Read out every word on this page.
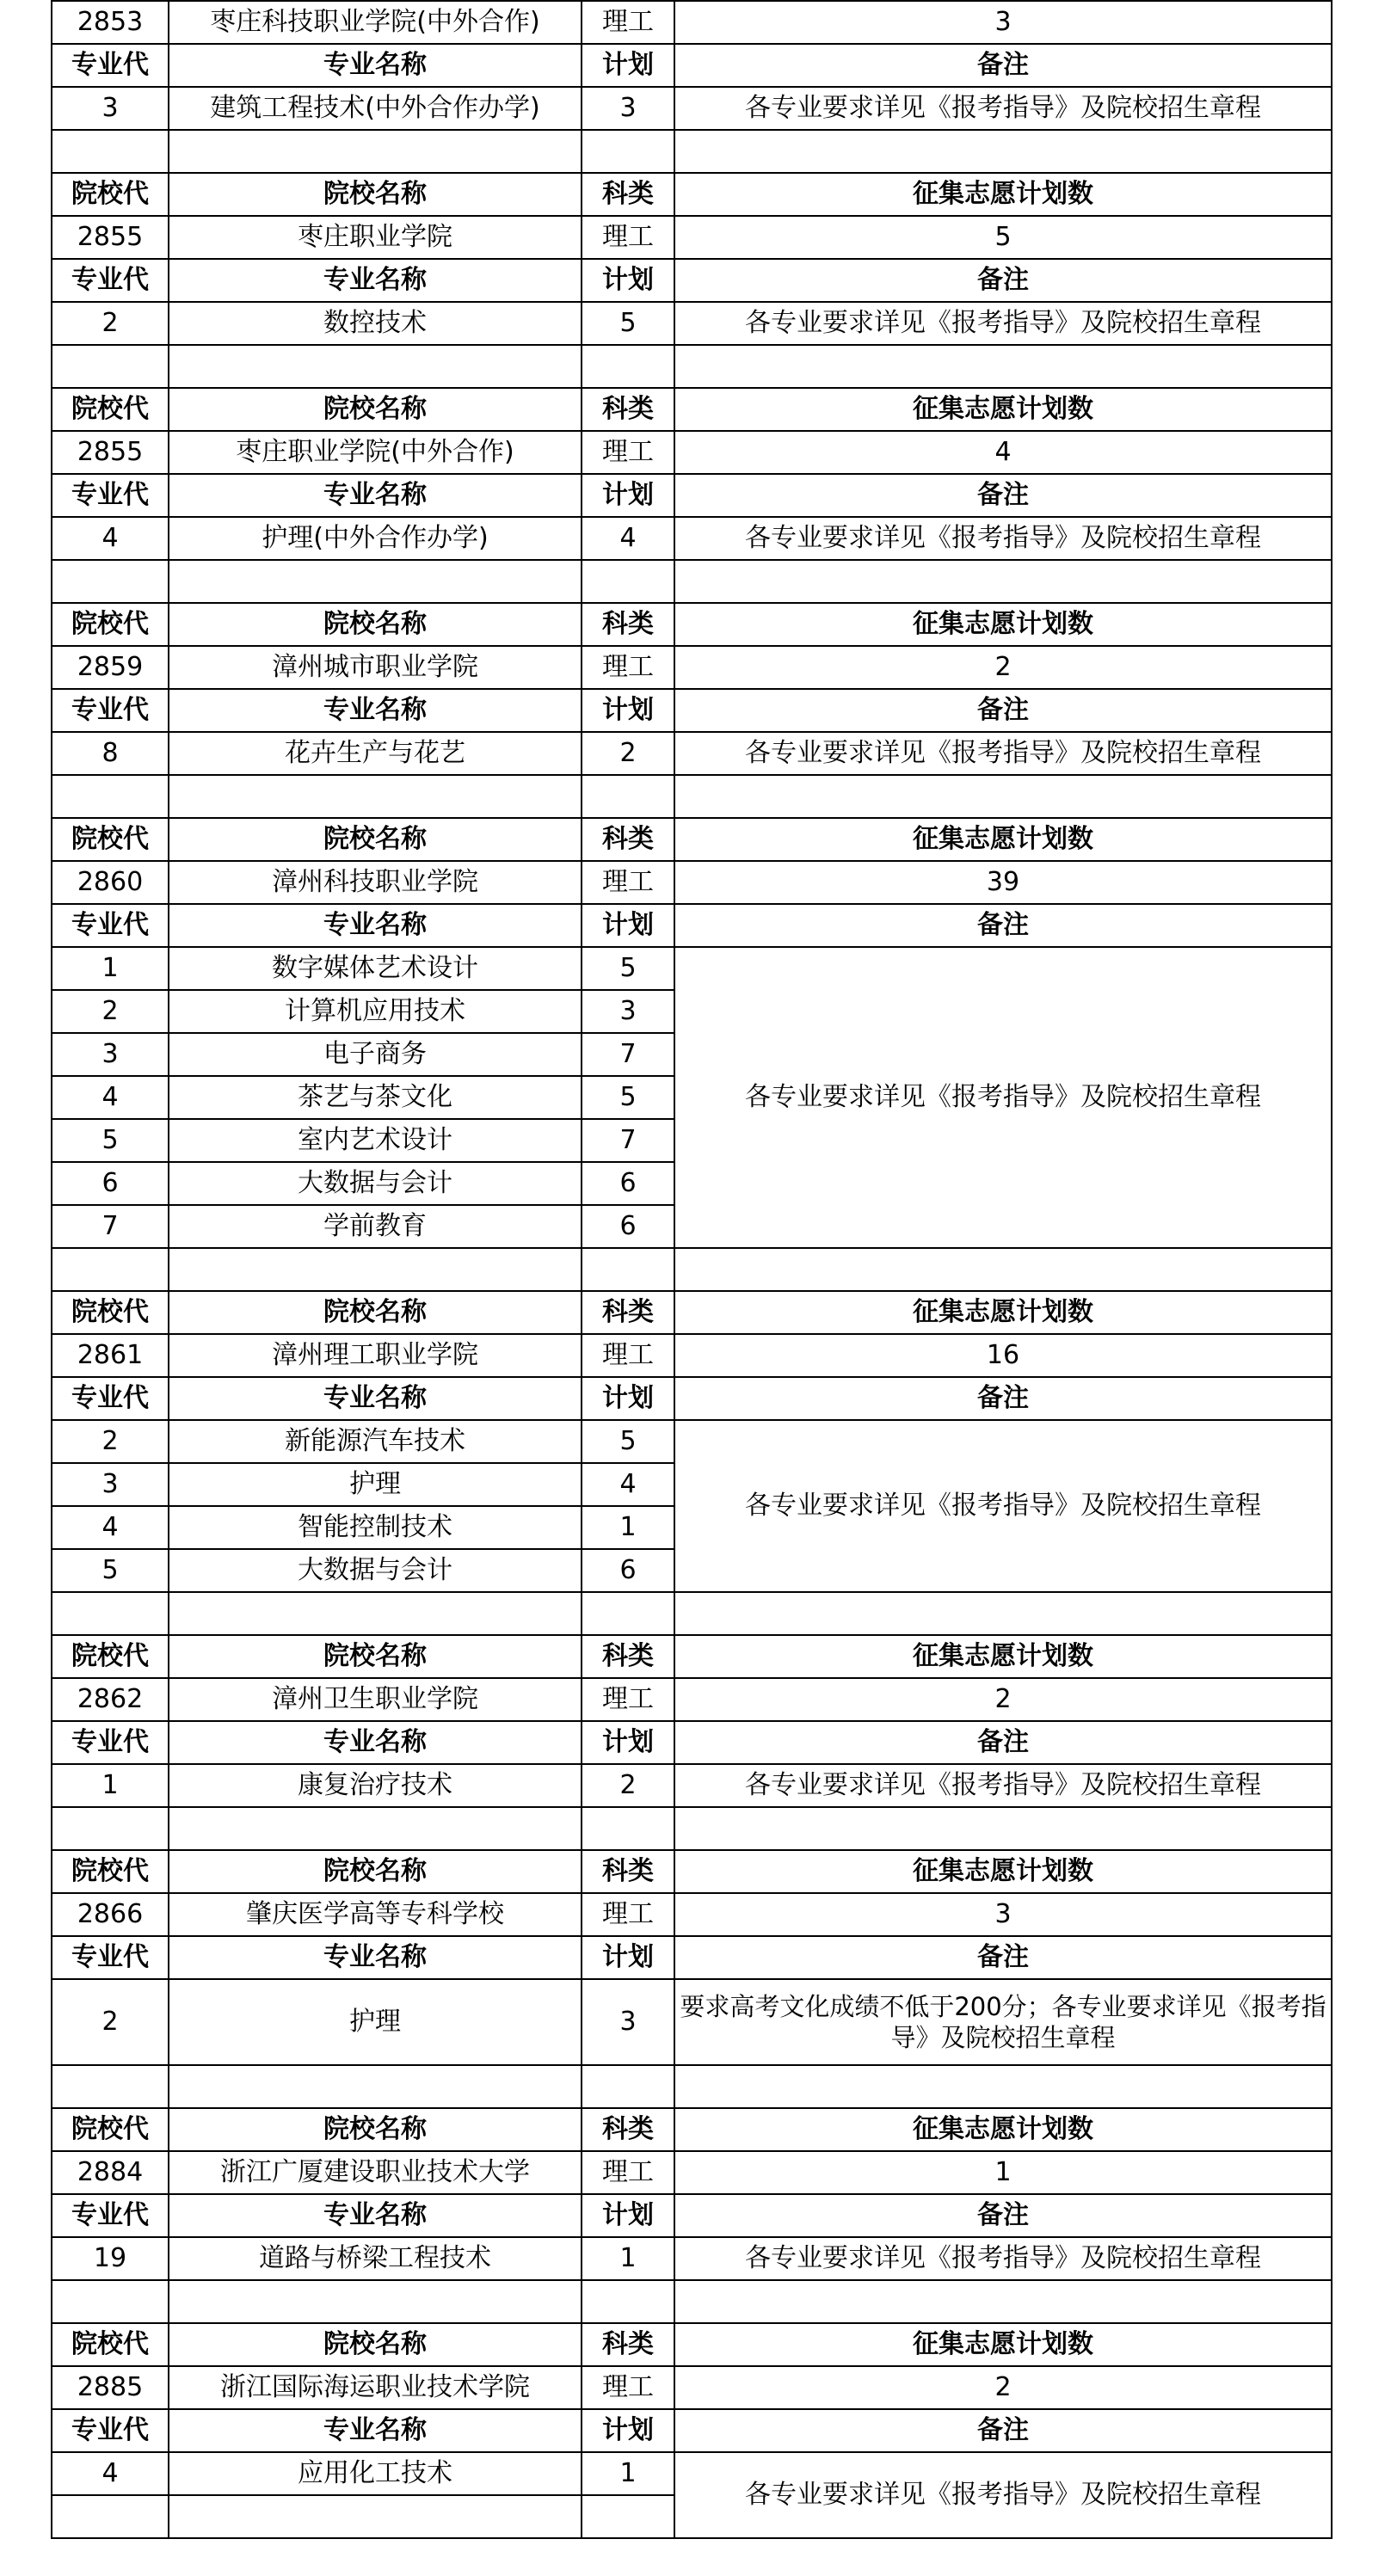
2853	枣庄科技职业学院(中外合作)	理工	3
专业代	专业名称	计划	备注
3	建筑工程技术(中外合作办学)	3	各专业要求详见《报考指导》及院校招生章程

院校代	院校名称	科类	征集志愿计划数
2855	枣庄职业学院	理工	5
专业代	专业名称	计划	备注
2	数控技术	5	各专业要求详见《报考指导》及院校招生章程

院校代	院校名称	科类	征集志愿计划数
2855	枣庄职业学院(中外合作)	理工	4
专业代	专业名称	计划	备注
4	护理(中外合作办学)	4	各专业要求详见《报考指导》及院校招生章程

院校代	院校名称	科类	征集志愿计划数
2859	漳州城市职业学院	理工	2
专业代	专业名称	计划	备注
8	花卉生产与花艺	2	各专业要求详见《报考指导》及院校招生章程

院校代	院校名称	科类	征集志愿计划数
2860	漳州科技职业学院	理工	39
专业代	专业名称	计划	备注
1	数字媒体艺术设计	5	各专业要求详见《报考指导》及院校招生章程
2	计算机应用技术	3	
3	电子商务	7	
4	茶艺与茶文化	5	
5	室内艺术设计	7	
6	大数据与会计	6	
7	学前教育	6	

院校代	院校名称	科类	征集志愿计划数
2861	漳州理工职业学院	理工	16
专业代	专业名称	计划	备注
2	新能源汽车技术	5	各专业要求详见《报考指导》及院校招生章程
3	护理	4	
4	智能控制技术	1	
5	大数据与会计	6	

院校代	院校名称	科类	征集志愿计划数
2862	漳州卫生职业学院	理工	2
专业代	专业名称	计划	备注
1	康复治疗技术	2	各专业要求详见《报考指导》及院校招生章程

院校代	院校名称	科类	征集志愿计划数
2866	肇庆医学高等专科学校	理工	3
专业代	专业名称	计划	备注
2	护理	3	要求高考文化成绩不低于200分；各专业要求详见《报考指导》及院校招生章程

院校代	院校名称	科类	征集志愿计划数
2884	浙江广厦建设职业技术大学	理工	1
专业代	专业名称	计划	备注
19	道路与桥梁工程技术	1	各专业要求详见《报考指导》及院校招生章程

院校代	院校名称	科类	征集志愿计划数
2885	浙江国际海运职业技术学院	理工	2
专业代	专业名称	计划	备注
4	应用化工技术	1	各专业要求详见《报考指导》及院校招生章程
